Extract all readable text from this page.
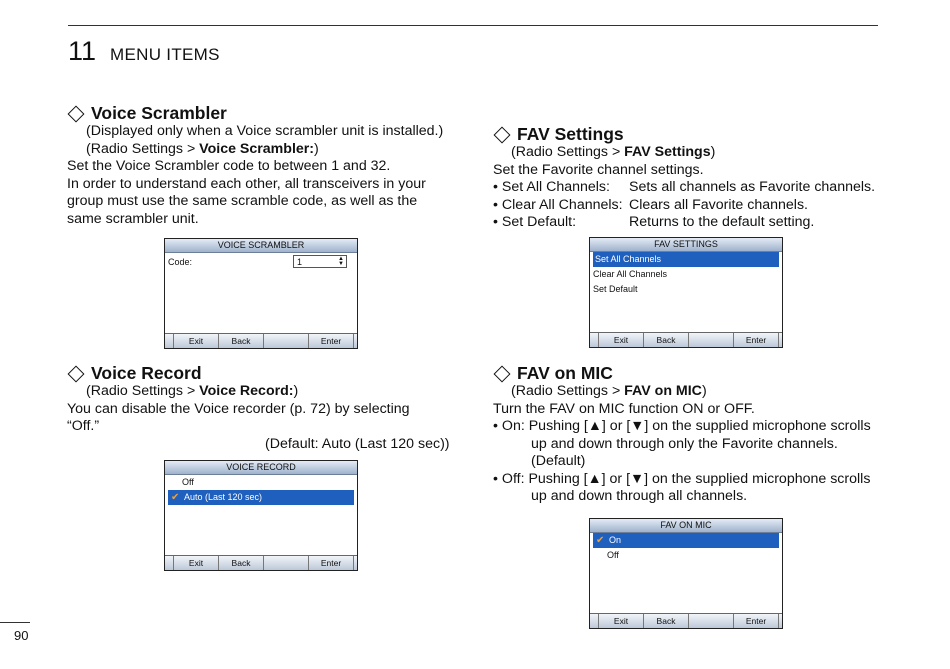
11 MENU ITEMS
Voice Scrambler
(Displayed only when a Voice scrambler unit is installed.)
(Radio Settings > Voice Scrambler:)
Set the Voice Scrambler code to between 1 and 32.
In order to understand each other, all transceivers in your
group must use the same scramble code, as well as the
same scrambler unit.
VOICE SCRAMBLER
Code:	1	▲
▼
Exit	Back	Enter
Voice Record
(Radio Settings > Voice Record:)
You can disable the Voice recorder (p. 72) by selecting
“Off.”
(Default: Auto (Last 120 sec))
VOICE RECORD
Off
✔ Auto (Last 120 sec)
Exit	Back	Enter
FAV Settings
(Radio Settings > FAV Settings)
Set the Favorite channel settings.
• Set All Channels: Sets all channels as Favorite channels.
• Clear All Channels: Clears all Favorite channels.
• Set Default:	Returns to the default setting.
FAV SETTINGS
Set All Channels
Clear All Channels
Set Default
Exit	Back	Enter
FAV on MIC
(Radio Settings > FAV on MIC)
Turn the FAV on MIC function ON or OFF.
• On: Pushing [▲] or [▼] on the supplied microphone scrolls
up and down through only the Favorite channels.
(Default)
• Off: Pushing [▲] or [▼] on the supplied microphone scrolls
up and down through all channels.
FAV ON MIC
✔ On
Off
Exit	Back	Enter
90
